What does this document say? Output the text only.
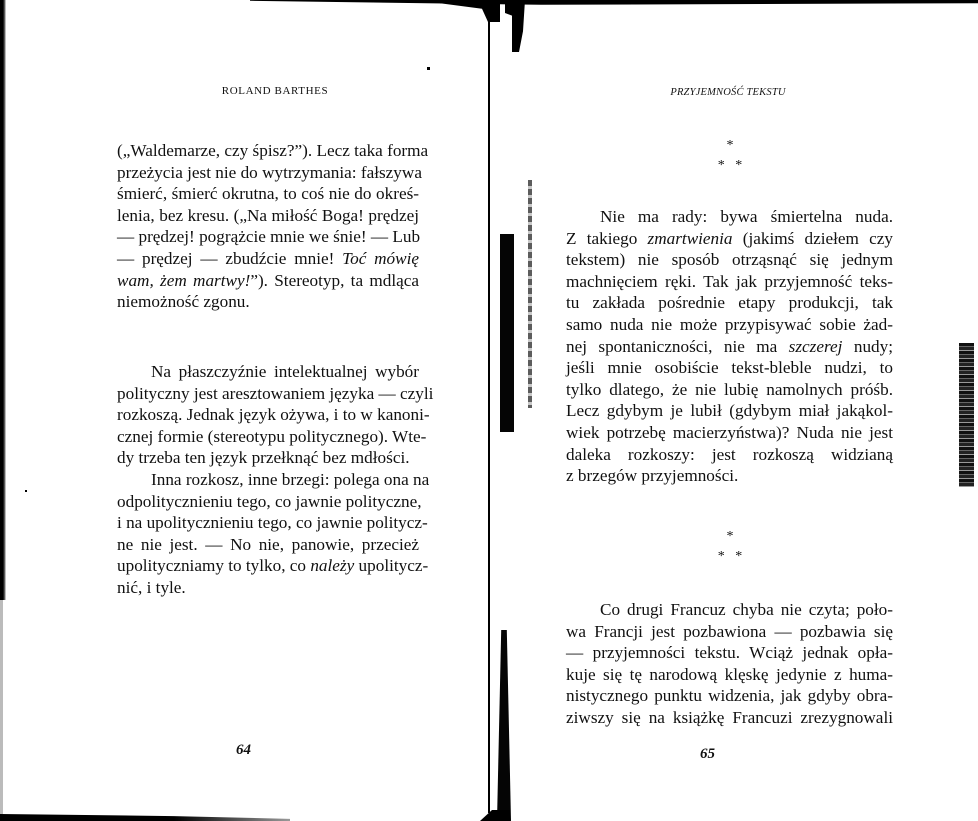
ROLAND BARTHES
(„Waldemarze, czy śpisz?”). Lecz taka forma
przeżycia jest nie do wytrzymania: fałszywa
śmierć, śmierć okrutna, to coś nie do okreś-
lenia, bez kresu. („Na miłość Boga! prędzej
— prędzej! pogrążcie mnie we śnie! — Lub
— prędzej — zbudźcie mnie! Toć mówię
wam, żem martwy!”). Stereotyp, ta mdląca
niemożność zgonu.
Na płaszczyźnie intelektualnej wybór
polityczny jest aresztowaniem języka — czyli
rozkoszą. Jednak język ożywa, i to w kanoni-
cznej formie (stereotypu politycznego). Wte-
dy trzeba ten język przełknąć bez mdłości.
Inna rozkosz, inne brzegi: polega ona na
odpolitycznieniu tego, co jawnie polityczne,
i na upolitycznieniu tego, co jawnie politycz-
ne nie jest. — No nie, panowie, przecież
upolityczniamy to tylko, co należy upolitycz-
nić, i tyle.
64
PRZYJEMNOŚĆ TEKSTU
*
*   *
Nie ma rady: bywa śmiertelna nuda.
Z takiego zmartwienia (jakimś dziełem czy
tekstem) nie sposób otrząsnąć się jednym
machnięciem ręki. Tak jak przyjemność teks-
tu zakłada pośrednie etapy produkcji, tak
samo nuda nie może przypisywać sobie żad-
nej spontaniczności, nie ma szczerej nudy;
jeśli mnie osobiście tekst-bleble nudzi, to
tylko dlatego, że nie lubię namolnych próśb.
Lecz gdybym je lubił (gdybym miał jakąkol-
wiek potrzebę macierzyństwa)? Nuda nie jest
daleka rozkoszy: jest rozkoszą widzianą
z brzegów przyjemności.
*
*   *
Co drugi Francuz chyba nie czyta; poło-
wa Francji jest pozbawiona — pozbawia się
— przyjemności tekstu. Wciąż jednak opła-
kuje się tę narodową klęskę jedynie z huma-
nistycznego punktu widzenia, jak gdyby obra-
ziwszy się na książkę Francuzi zrezygnowali
65
